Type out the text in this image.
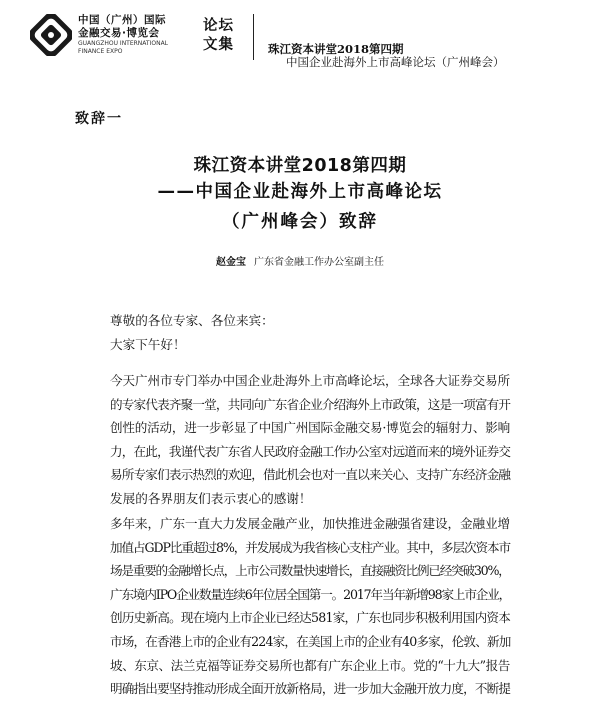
中国（广州）国际
金融交易·博览会
GUANGZHOU INTERNATIONAL
FINANCE EXPO
论坛
文集	珠江资本讲堂2018第四期
中国企业赴海外上市高峰论坛（广州峰会）
致辞一
珠江资本讲堂2018第四期
——中国企业赴海外上市高峰论坛
（广州峰会）致辞
赵金宝 广东省金融工作办公室副主任
尊敬的各位专家、各位来宾：
大家下午好！
今天广州市专门举办中国企业赴海外上市高峰论坛，全球各大证券交易所
的专家代表齐聚一堂，共同向广东省企业介绍海外上市政策，这是一项富有开
创性的活动，进一步彰显了中国广州国际金融交易·博览会的辐射力、影响
力，在此，我谨代表广东省人民政府金融工作办公室对远道而来的境外证券交
易所专家们表示热烈的欢迎，借此机会也对一直以来关心、支持广东经济金融
发展的各界朋友们表示衷心的感谢！
多年来，广东一直大力发展金融产业，加快推进金融强省建设，金融业增
加值占GDP比重超过8%，并发展成为我省核心支柱产业。其中，多层次资本市
场是重要的金融增长点，上市公司数量快速增长，直接融资比例已经突破30%，
广东境内IPO企业数量连续6年位居全国第一。2017年当年新增98家上市企业，
创历史新高。现在境内上市企业已经达581家，广东也同步积极利用国内资本
市场，在香港上市的企业有224家，在美国上市的企业有40多家，伦敦、新加
坡、东京、法兰克福等证券交易所也都有广东企业上市。党的“十九大”报告
明确指出要坚持推动形成全面开放新格局，进一步加大金融开放力度，不断提
